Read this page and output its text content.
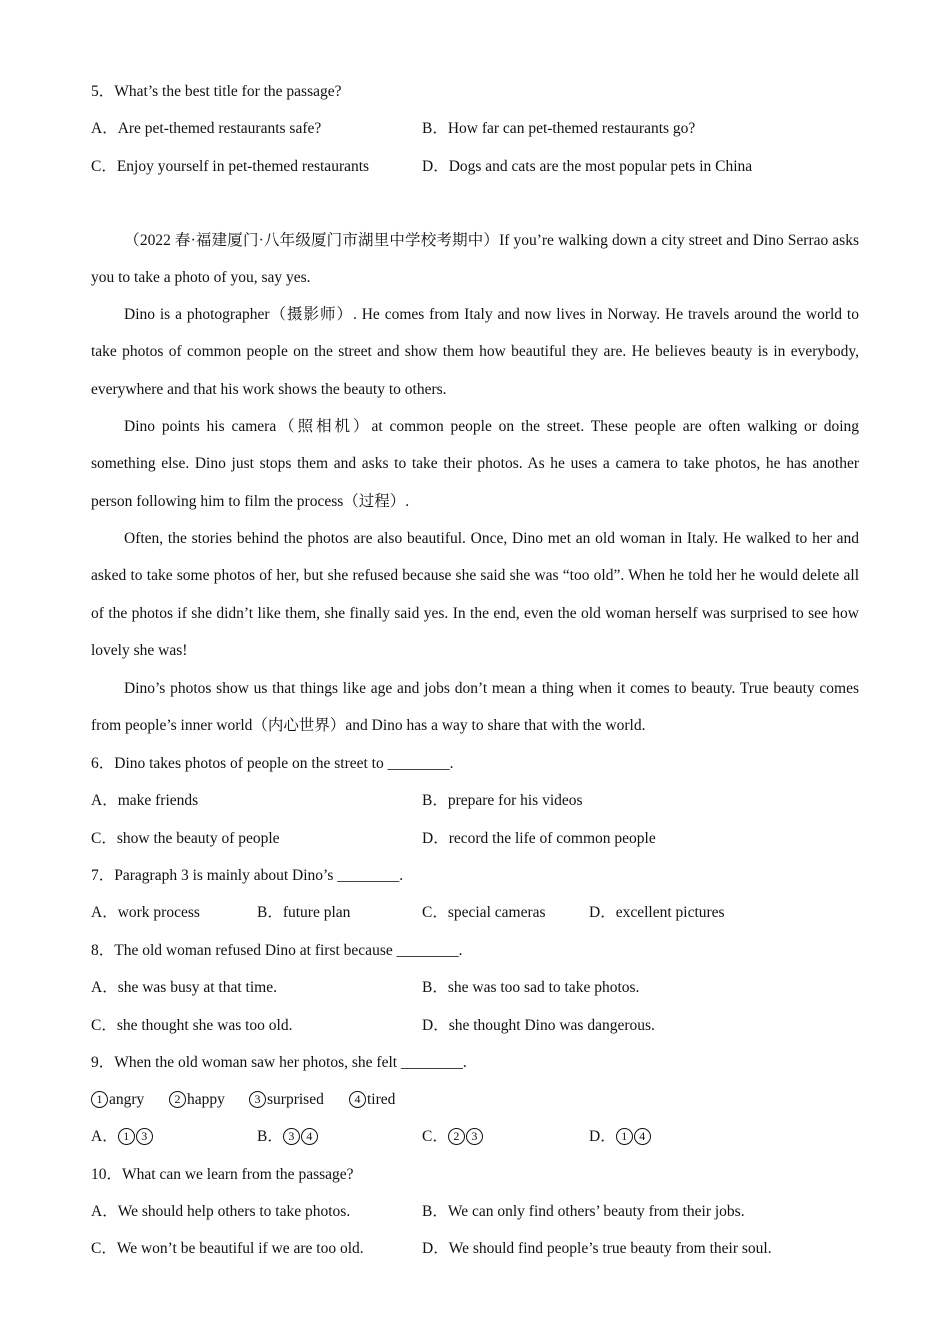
5．What’s the best title for the passage?
A．Are pet-themed restaurants safe?	B．How far can pet-themed restaurants go?
C．Enjoy yourself in pet-themed restaurants	D．Dogs and cats are the most popular pets in China
（2022 春·福建厦门·八年级厦门市湖里中学校考期中）If you’re walking down a city street and Dino Serrao asks you to take a photo of you, say yes.
Dino is a photographer（摄影师）. He comes from Italy and now lives in Norway. He travels around the world to take photos of common people on the street and show them how beautiful they are. He believes beauty is in everybody, everywhere and that his work shows the beauty to others.
Dino points his camera（照相机）at common people on the street. These people are often walking or doing something else. Dino just stops them and asks to take their photos. As he uses a camera to take photos, he has another person following him to film the process（过程）.
Often, the stories behind the photos are also beautiful. Once, Dino met an old woman in Italy. He walked to her and asked to take some photos of her, but she refused because she said she was “too old”. When he told her he would delete all of the photos if she didn’t like them, she finally said yes. In the end, even the old woman herself was surprised to see how lovely she was!
Dino’s photos show us that things like age and jobs don’t mean a thing when it comes to beauty. True beauty comes from people’s inner world（内心世界）and Dino has a way to share that with the world.
6．Dino takes photos of people on the street to ________.
A．make friends	B．prepare for his videos
C．show the beauty of people	D．record the life of common people
7．Paragraph 3 is mainly about Dino’s ________.
A．work process	B．future plan	C．special cameras	D．excellent pictures
8．The old woman refused Dino at first because ________.
A．she was busy at that time.	B．she was too sad to take photos.
C．she thought she was too old.	D．she thought Dino was dangerous.
9．When the old woman saw her photos, she felt ________.
1 angry	2 happy	3 surprised	4 tired
A． 1 3	B． 3 4	C． 2 3	D． 1 4
10．What can we learn from the passage?
A．We should help others to take photos.	B．We can only find others’ beauty from their jobs.
C．We won’t be beautiful if we are too old.	D．We should find people’s true beauty from their soul.
